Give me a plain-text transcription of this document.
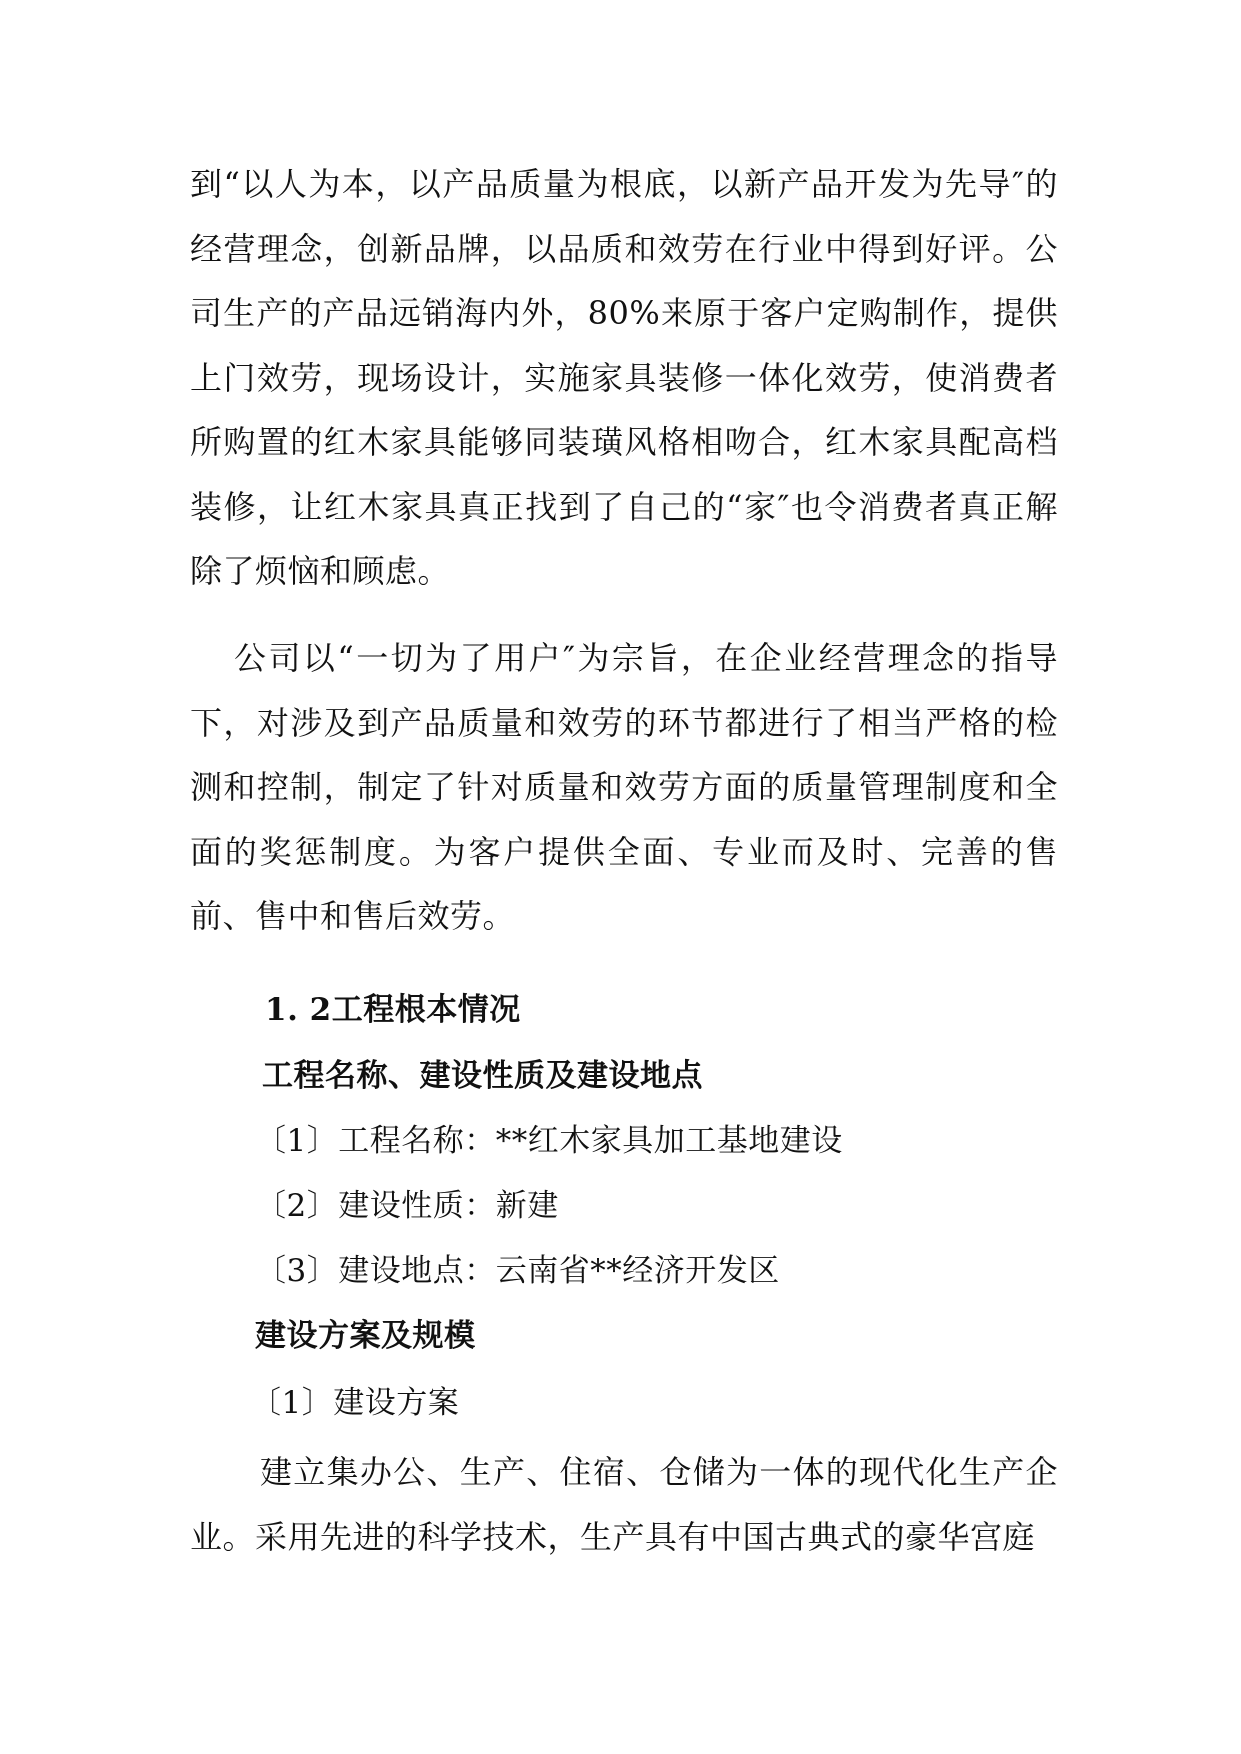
到“以人为本，以产品质量为根底，以新产品开发为先导″的经营理念，创新品牌，以品质和效劳在行业中得到好评。公司生产的产品远销海内外，80%来原于客户定购制作，提供上门效劳，现场设计，实施家具装修一体化效劳，使消费者所购置的红木家具能够同装璜风格相吻合，红木家具配高档装修，让红木家具真正找到了自己的“家″也令消费者真正解除了烦恼和顾虑。

公司以“一切为了用户″为宗旨，在企业经营理念的指导下，对涉及到产品质量和效劳的环节都进行了相当严格的检测和控制，制定了针对质量和效劳方面的质量管理制度和全面的奖惩制度。为客户提供全面、专业而及时、完善的售前、售中和售后效劳。

1. 2工程根本情况

工程名称、建设性质及建设地点

〔1〕工程名称：**红木家具加工基地建设

〔2〕建设性质：新建

〔3〕建设地点：云南省**经济开发区

建设方案及规模

〔1〕建设方案

建立集办公、生产、住宿、仓储为一体的现代化生产企业。采用先进的科学技术，生产具有中国古典式的豪华宫庭
